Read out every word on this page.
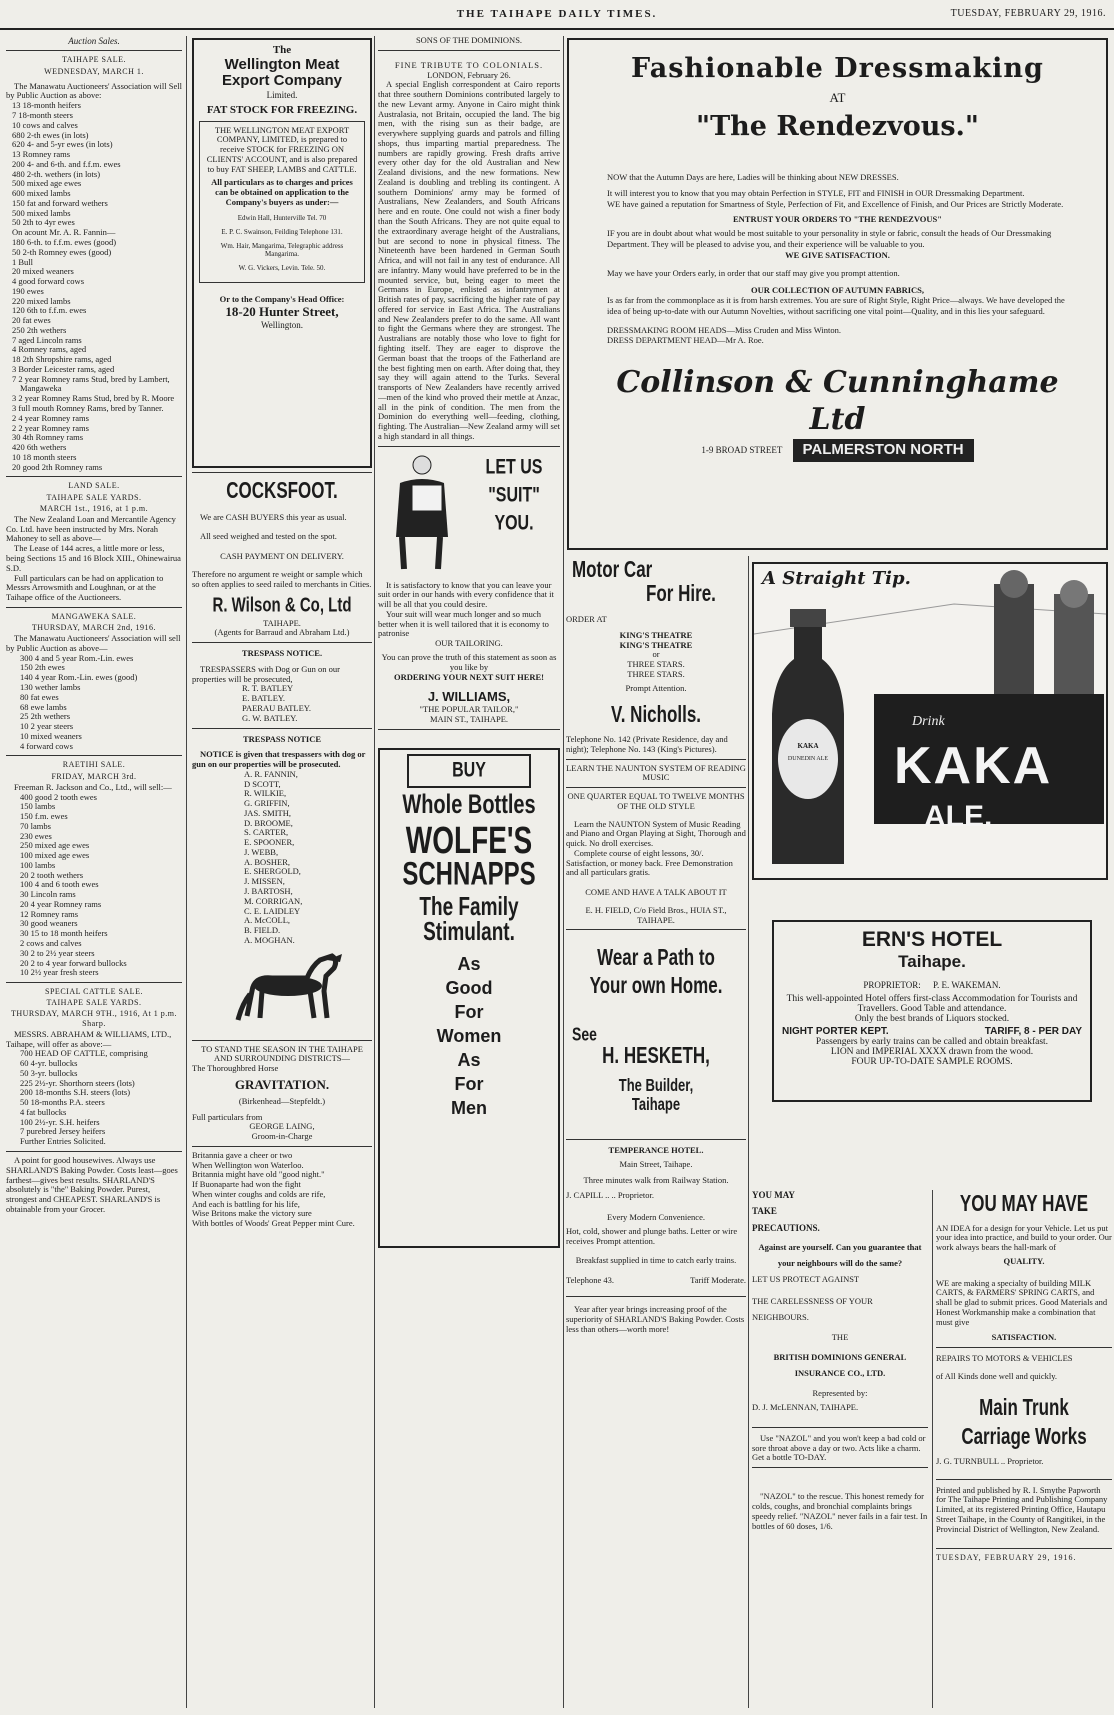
THE TAIHAPE DAILY TIMES.	TUESDAY, FEBRUARY 29, 1916.
Auction Sales.
TAIHAPE SALE.
WEDNESDAY, MARCH 1.

The Manawatu Auctioneers' Association will Sell by Public Auction as above:

13 18-month heifers
7 18-month steers
10 cows and calves
680 2-th ewes (in lots)
620 4- and 5-yr ewes (in lots)
13 Romney rams
200 4- and 6-th. and f.f.m. ewes
480 2-th. wethers (in lots)
500 mixed age ewes
600 mixed lambs
150 fat and forward wethers
500 mixed lambs
50 2th to 4yr ewes
On acount Mr. A. R. Fannin—
180 6-th. to f.f.m. ewes (good)
50 2-th Romney ewes (good)
1 Bull
20 mixed weaners
4 good forward cows
190 ewes
220 mixed lambs
120 6th to f.f.m. ewes
20 fat ewes
250 2th wethers
7 aged Lincoln rams
4 Romney rams, aged
18 2th Shropshire rams, aged
3 Border Leicester rams, aged
7 2 year Romney rams Stud, bred by Lambert, Mangaweka
3 2 year Romney Rams Stud, bred by R. Moore
3 full mouth Romney Rams, bred by Tanner.
2 4 year Romney rams
2 2 year Romney rams
30 4th Romney rams
420 6th wethers
10 18 month steers
20 good 2th Romney rams
LAND SALE.
TAIHAPE SALE YARDS.
MARCH 1st., 1916, at 1 p.m.

The New Zealand Loan and Mercantile Agency Co. Ltd. have been instructed by Mrs. Norah Mahoney to sell as above—

The Lease of 144 acres, a little more or less, being Sections 15 and 16 Block XIII., Ohinewairua S.D.

Full particulars can be had on application to Messrs Arrowsmith and Loughnan, or at the Taihape office of the Auctioneers.

MANGAWEKA SALE.
THURSDAY, MARCH 2nd, 1916.

The Manawatu Auctioneers' Association will sell by Public Auction as above—

300 4 and 5 year Rom.-Lin. ewes
150 2th ewes
140 4 year Rom.-Lin. ewes (good)
130 wether lambs
80 fat ewes
68 ewe lambs
25 2th wethers
10 2 year steers
10 mixed weaners
4 forward cows
RAETIHI SALE.
FRIDAY, MARCH 3rd.

Freeman R. Jackson and Co., Ltd., will sell:—

400 good 2 tooth ewes
150 lambs
150 f.m. ewes
70 lambs
230 ewes
250 mixed age ewes
100 mixed age ewes
100 lambs
20 2 tooth wethers
100 4 and 6 tooth ewes
30 Lincoln rams
20 4 year Romney rams
12 Romney rams
30 good weaners
30 15 to 18 month heifers
2 cows and calves
30 2 to 2½ year steers
20 2 to 4 year forward bullocks
10 2½ year fresh steers
SPECIAL CATTLE SALE.
TAIHAPE SALE YARDS.
THURSDAY, MARCH 9TH., 1916, At 1 p.m. Sharp.

MESSRS. ABRAHAM & WILLIAMS, LTD., Taihape, will offer as above:—

700 HEAD OF CATTLE, comprising
60 4-yr. bullocks
50 3-yr. bullocks
225 2½-yr. Shorthorn steers (lots)
200 18-months S.H. steers (lots)
50 18-months P.A. steers
4 fat bullocks
100 2½-yr. S.H. heifers
7 purebred Jersey heifers
Further Entries Solicited.

A point for good housewives. Always use SHARLAND'S Baking Powder. Costs least—goes farthest—gives best results. SHARLAND'S absolutely is "the" Baking Powder. Purest, strongest and CHEAPEST. SHARLAND'S is obtainable from your Grocer.

The
Wellington Meat Export Company
Limited.
FAT STOCK FOR FREEZING.
THE WELLINGTON MEAT EXPORT COMPANY, LIMITED, is prepared to receive STOCK for FREEZING ON CLIENTS' ACCOUNT, and is also prepared to buy FAT SHEEP, LAMBS and CATTLE.
All particulars as to charges and prices can be obtained on application to the Company's buyers as under:—
Edwin Hall, Hunterville Tel. 70
E. P. C. Swainson, Feilding Telephone 131.
Wm. Hair, Mangarima, Telegraphic address Mangarima.
W. G. Vickers, Levin. Tele. 50.
Or to the Company's Head Office:
18-20 Hunter Street,
Wellington.
COCKSFOOT.

We are CASH BUYERS this year as usual.

All seed weighed and tested on the spot.

CASH PAYMENT ON DELIVERY.

Therefore no argument re weight or sample which so often applies to seed railed to merchants in Cities.

R. Wilson & Co, Ltd
TAIHAPE.
(Agents for Barraud and Abraham Ltd.)
TRESPASS NOTICE.

TRESPASSERS with Dog or Gun on our properties will be prosecuted,

R. T. BATLEY
E. BATLEY.
PAERAU BATLEY.
G. W. BATLEY.
TRESPASS NOTICE

NOTICE is given that trespassers with dog or gun on our properties will be prosecuted.

A. R. FANNIN,
D SCOTT,
R. WILKIE,
G. GRIFFIN,
JAS. SMITH,
D. BROOME,
S. CARTER,
E. SPOONER,
J. WEBB,
A. BOSHER,
E. SHERGOLD,
J. MISSEN,
J. BARTOSH,
M. CORRIGAN,
C. E. LAIDLEY
A. McCOLL,
B. FIELD.
A. MOGHAN.
TO STAND THE SEASON IN THE TAIHAPE AND SURROUNDING DISTRICTS—
The Thoroughbred Horse
GRAVITATION.
(Birkenhead—Stepfeldt.)
Full particulars from
GEORGE LAING,
Groom-in-Charge
Britannia gave a cheer or two
When Wellington won Waterloo.
Britannia might have old "good night."
If Buonaparte had won the fight
When winter coughs and colds are rife,
And each is battling for his life,
Wise Britons make the victory sure
With bottles of Woods' Great Pepper mint Cure.
SONS OF THE DOMINIONS.
FINE TRIBUTE TO COLONIALS.
LONDON, February 26.

A special English correspondent at Cairo reports that three southern Dominions contributed largely to the new Levant army. Anyone in Cairo might think Australasia, not Britain, occupied the land. The big men, with the rising sun as their badge, are everywhere supplying guards and patrols and filling shops, thus imparting martial preparedness. The numbers are rapidly growing. Fresh drafts arrive every other day for the old Australian and New Zealand divisions, and the new formations. New Zealand is doubling and trebling its contingent. A southern Dominions' army may be formed of Australians, New Zealanders, and South Africans here and en route. One could not wish a finer body than the South Africans. They are not quite equal to the extraordinary average height of the Australians, but are second to none in physical fitness. The Nineteenth have been hardened in German South Africa, and will not fail in any test of endurance. All are infantry. Many would have preferred to be in the mounted service, but, being eager to meet the Germans in Europe, enlisted as infantrymen at British rates of pay, sacrificing the higher rate of pay offered for service in East Africa. The Australians and New Zealanders prefer to do the same. All want to fight the Germans where they are strongest. The Australians are notably those who love to fight for fighting itself. They are eager to disprove the German boast that the troops of the Fatherland are the best fighting men on earth. After doing that, they say they will again attend to the Turks. Several transports of New Zealanders have recently arrived—men of the kind who proved their mettle at Anzac, all in the pink of condition. The men from the Dominion do everything well—feeding, clothing, fighting. The Australian—New Zealand army will set a high standard in all things.

LET US
"SUIT"
YOU.

It is satisfactory to know that you can leave your suit order in our hands with every confidence that it will be all that you could desire.

Your suit will wear much longer and so much better when it is well tailored that it is economy to patronise

OUR TAILORING.

You can prove the truth of this statement as soon as you like by

ORDERING YOUR NEXT SUIT HERE!
J. WILLIAMS,
"THE POPULAR TAILOR,"
MAIN ST., TAIHAPE.
BUY
Whole Bottles
WOLFE'S
SCHNAPPS
The Family
Stimulant.
As
Good
For
Women
As
For
Men
Fashionable Dressmaking
AT
"The Rendezvous."

NOW that the Autumn Days are here, Ladies will be thinking about NEW DRESSES.

It will interest you to know that you may obtain Perfection in STYLE, FIT and FINISH in OUR Dressmaking Department.

WE have gained a reputation for Smartness of Style, Perfection of Fit, and Excellence of Finish, and Our Prices are Strictly Moderate.

ENTRUST YOUR ORDERS TO "THE RENDEZVOUS"

IF you are in doubt about what would be most suitable to your personality in style or fabric, consult the heads of Our Dressmaking Department. They will be pleased to advise you, and their experience will be valuable to you.

WE GIVE SATISFACTION.

May we have your Orders early, in order that our staff may give you prompt attention.

OUR COLLECTION OF AUTUMN FABRICS,

Is as far from the commonplace as it is from harsh extremes. You are sure of Right Style, Right Price—always. We have developed the idea of being up-to-date with our Autumn Novelties, without sacrificing one vital point—Quality, and in this lies your safeguard.

DRESSMAKING ROOM HEADS—Miss Cruden and Miss Winton.

DRESS DEPARTMENT HEAD—Mr A. Roe.

Collinson & Cunninghame Ltd
1-9 BROAD STREET PALMERSTON NORTH
Motor Car
For Hire.
ORDER AT
KING'S THEATRE
KING'S THEATRE
or
THREE STARS.
THREE STARS.
Prompt Attention.
V. Nicholls.

Telephone No. 142 (Private Residence, day and night); Telephone No. 143 (King's Pictures).

LEARN THE NAUNTON SYSTEM OF READING MUSIC
ONE QUARTER EQUAL TO TWELVE MONTHS OF THE OLD STYLE

Learn the NAUNTON System of Music Reading and Piano and Organ Playing at Sight, Thorough and quick. No droll exercises.

Complete course of eight lessons, 30/. Satisfaction, or money back. Free Demonstration and all particulars gratis.

COME AND HAVE A TALK ABOUT IT

E. H. FIELD, C/o Field Bros., HUIA ST., TAIHAPE.

Wear a Path to
Your own Home.
See
H. HESKETH,
The Builder,
Taihape
TEMPERANCE HOTEL.
Main Street, Taihape.
Three minutes walk from Railway Station.
J. CAPILL .. .. Proprietor.
Every Modern Convenience.

Hot, cold, shower and plunge baths. Letter or wire receives Prompt attention.

Breakfast supplied in time to catch early trains.
Telephone 43.	Tariff Moderate.

Year after year brings increasing proof of the superiority of SHARLAND'S Baking Powder. Costs less than others—worth more!

A Straight Tip.
Drink
KAKA
ALE.
KAKA
DUNEDIN ALE
ERN'S HOTEL
Taihape.
PROPRIETOR: P. E. WAKEMAN.
This well-appointed Hotel offers first-class Accommodation for Tourists and Travellers. Good Table and attendance.
Only the best brands of Liquors stocked.
NIGHT PORTER KEPT.	TARIFF, 8 - PER DAY
Passengers by early trains can be called and obtain breakfast.
LION and IMPERIAL XXXX drawn from the wood.
FOUR UP-TO-DATE SAMPLE ROOMS.
YOU MAY
TAKE
PRECAUTIONS.

Against are yourself. Can you guarantee that your neighbours will do the same?

LET US PROTECT AGAINST
THE CARELESSNESS OF YOUR NEIGHBOURS.
THE
BRITISH DOMINIONS GENERAL INSURANCE CO., LTD.
Represented by:
D. J. McLENNAN, TAIHAPE.

Use "NAZOL" and you won't keep a bad cold or sore throat above a day or two. Acts like a charm. Get a bottle TO-DAY.

"NAZOL" to the rescue. This honest remedy for colds, coughs, and bronchial complaints brings speedy relief. "NAZOL" never fails in a fair test. In bottles of 60 doses, 1/6.

YOU MAY HAVE

AN IDEA for a design for your Vehicle. Let us put your idea into practice, and build to your order. Our work always bears the hall-mark of

QUALITY.

WE are making a specialty of building MILK CARTS, & FARMERS' SPRING CARTS, and shall be glad to submit prices. Good Materials and Honest Workmanship make a combination that must give

SATISFACTION.
REPAIRS TO MOTORS & VEHICLES
of All Kinds done well and quickly.
Main Trunk
Carriage Works
J. G. TURNBULL .. Proprietor.

Printed and published by R. I. Smythe Papworth for The Taihape Printing and Publishing Company Limited, at its registered Printing Office, Hautapu Street Taihape, in the County of Rangitikei, in the Provincial District of Wellington, New Zealand.

TUESDAY, FEBRUARY 29, 1916.
